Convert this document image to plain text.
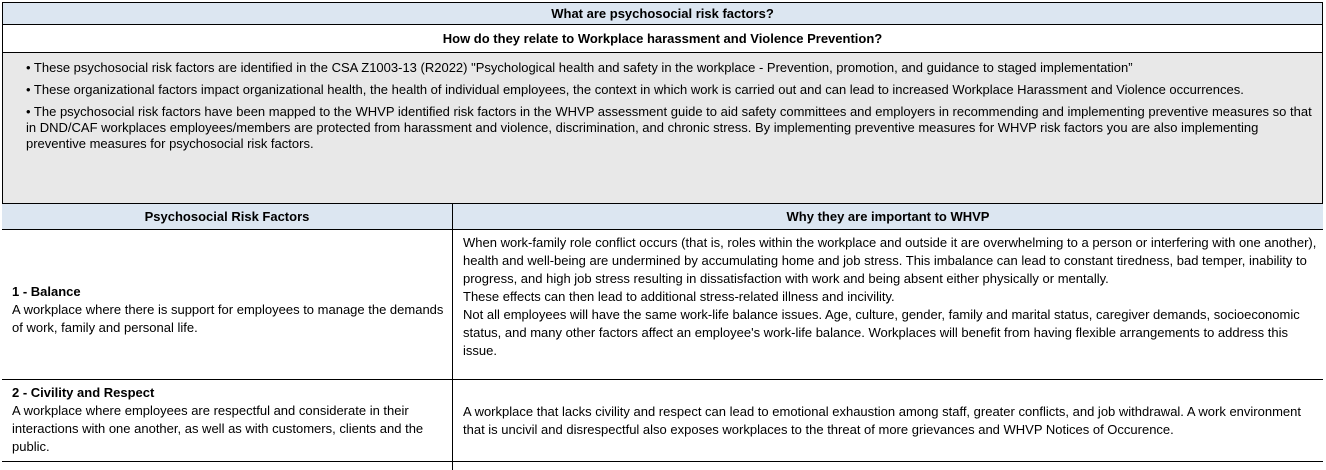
What are psychosocial risk factors?
How do they relate to Workplace harassment and Violence Prevention?

• These psychosocial risk factors are identified in the CSA Z1003-13 (R2022) "Psychological health and safety in the workplace - Prevention, promotion, and guidance to staged implementation”

• These organizational factors impact organizational health, the health of individual employees, the context in which work is carried out and can lead to increased Workplace Harassment and Violence occurrences.

• The psychosocial risk factors have been mapped to the WHVP identified risk factors in the WHVP assessment guide to aid safety committees and employers in recommending and implementing preventive measures so that in DND/CAF workplaces employees/members are protected from harassment and violence, discrimination, and chronic stress. By implementing preventive measures for WHVP risk factors you are also implementing preventive measures for psychosocial risk factors.

Psychosocial Risk Factors	Why they are important to WHVP
1 - Balance
A workplace where there is support for employees to manage the demands of work, family and personal life.
When work-family role conflict occurs (that is, roles within the workplace and outside it are overwhelming to a person or interfering with one another), health and well-being are undermined by accumulating home and job stress. This imbalance can lead to constant tiredness, bad temper, inability to progress, and high job stress resulting in dissatisfaction with work and being absent either physically or mentally.
These effects can then lead to additional stress-related illness and incivility.
Not all employees will have the same work-life balance issues. Age, culture, gender, family and marital status, caregiver demands, socioeconomic status, and many other factors affect an employee's work-life balance. Workplaces will benefit from having flexible arrangements to address this issue.
2 - Civility and Respect
A workplace where employees are respectful and considerate in their interactions with one another, as well as with customers, clients and the public.
A workplace that lacks civility and respect can lead to emotional exhaustion among staff, greater conflicts, and job withdrawal. A work environment that is uncivil and disrespectful also exposes workplaces to the threat of more grievances and WHVP Notices of Occurence.
